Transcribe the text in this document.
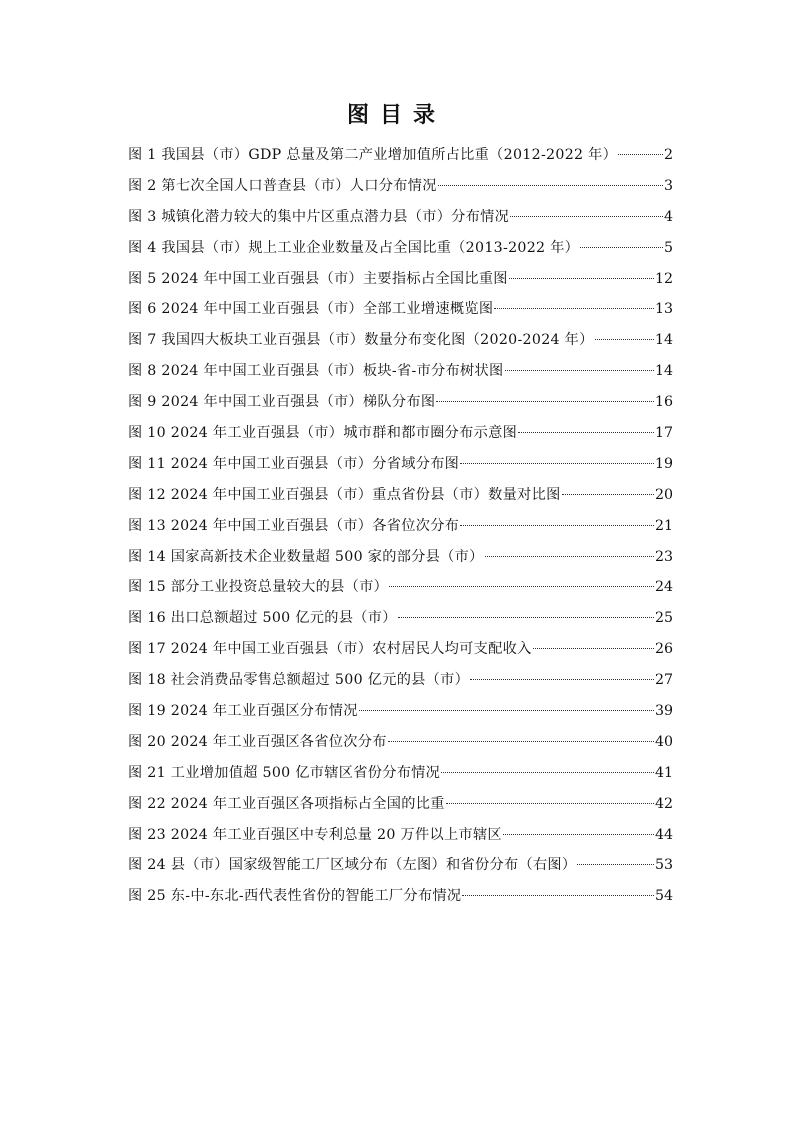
图目录
图 1 我国县（市）GDP 总量及第二产业增加值所占比重（2012-2022 年）	2
图 2 第七次全国人口普查县（市）人口分布情况	3
图 3 城镇化潜力较大的集中片区重点潜力县（市）分布情况	4
图 4 我国县（市）规上工业企业数量及占全国比重（2013-2022 年）	5
图 5 2024 年中国工业百强县（市）主要指标占全国比重图	12
图 6 2024 年中国工业百强县（市）全部工业增速概览图	13
图 7 我国四大板块工业百强县（市）数量分布变化图（2020-2024 年）	14
图 8 2024 年中国工业百强县（市）板块-省-市分布树状图	14
图 9 2024 年中国工业百强县（市）梯队分布图	16
图 10 2024 年工业百强县（市）城市群和都市圈分布示意图	17
图 11 2024 年中国工业百强县（市）分省域分布图	19
图 12 2024 年中国工业百强县（市）重点省份县（市）数量对比图	20
图 13 2024 年中国工业百强县（市）各省位次分布	21
图 14 国家高新技术企业数量超 500 家的部分县（市）	23
图 15 部分工业投资总量较大的县（市）	24
图 16 出口总额超过 500 亿元的县（市）	25
图 17 2024 年中国工业百强县（市）农村居民人均可支配收入	26
图 18 社会消费品零售总额超过 500 亿元的县（市）	27
图 19 2024 年工业百强区分布情况	39
图 20 2024 年工业百强区各省位次分布	40
图 21 工业增加值超 500 亿市辖区省份分布情况	41
图 22 2024 年工业百强区各项指标占全国的比重	42
图 23 2024 年工业百强区中专利总量 20 万件以上市辖区	44
图 24 县（市）国家级智能工厂区域分布（左图）和省份分布（右图）	53
图 25 东-中-东北-西代表性省份的智能工厂分布情况	54
